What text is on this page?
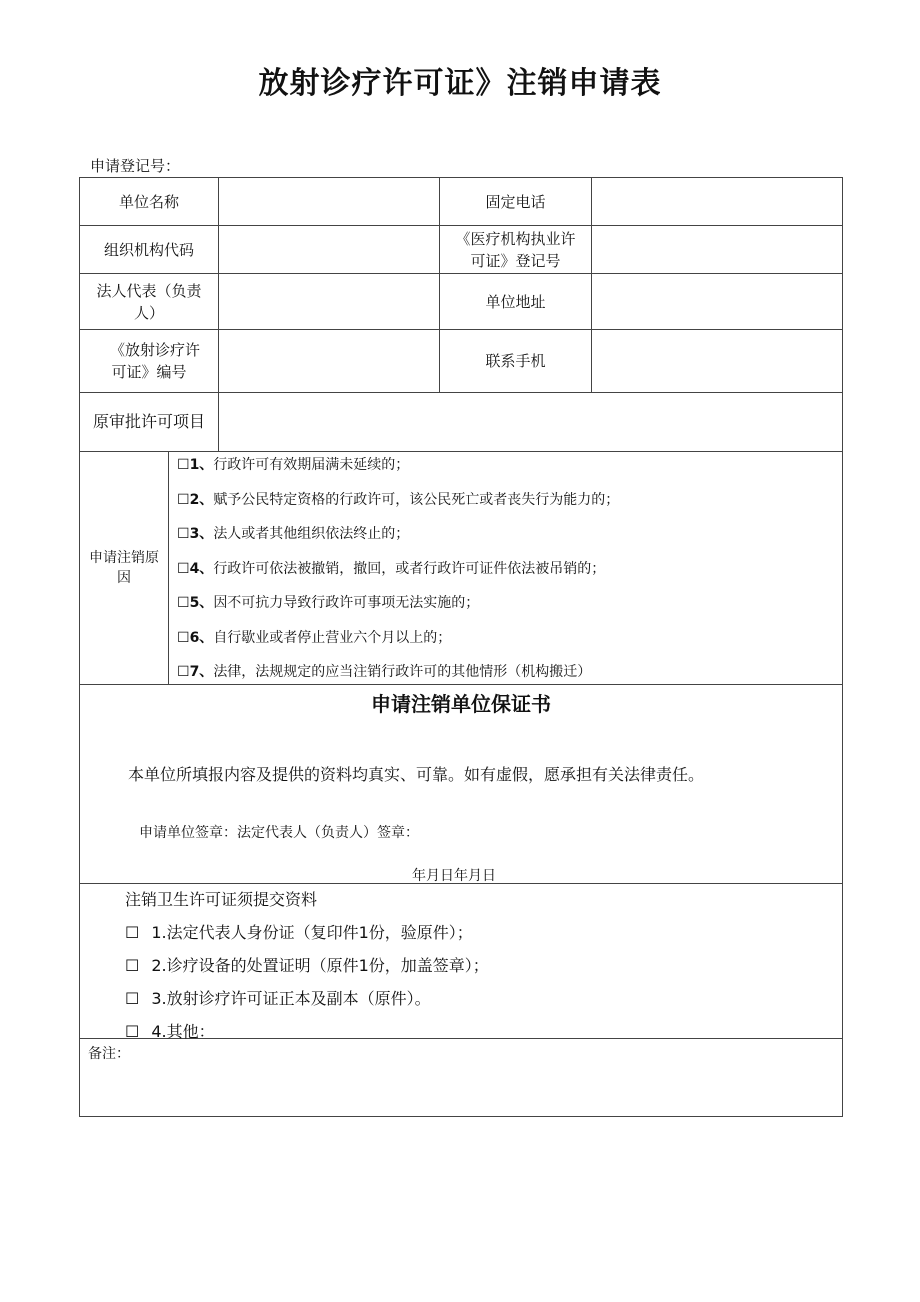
放射诊疗许可证》注销申请表
申请登记号：
单位名称	固定电话
组织机构代码
《医疗机构执业许
可证》登记号
法人代表（负责
人）
单位地址
《放射诊疗许
可证》编号
联系手机
原审批许可项目
申请注销原
因
☐1、行政许可有效期届满未延续的；
☐2、赋予公民特定资格的行政许可，该公民死亡或者丧失行为能力的；
☐3、法人或者其他组织依法终止的；
☐4、行政许可依法被撤销，撤回，或者行政许可证件依法被吊销的；
☐5、因不可抗力导致行政许可事项无法实施的；
☐6、自行歇业或者停止营业六个月以上的；
☐7、法律，法规规定的应当注销行政许可的其他情形（机构搬迁）
申请注销单位保证书
本单位所填报内容及提供的资料均真实、可靠。如有虚假，愿承担有关法律责任。
申请单位签章：法定代表人（负责人）签章：
年月日年月日
注销卫生许可证须提交资料
☐ 1.法定代表人身份证（复印件1份，验原件）；
☐ 2.诊疗设备的处置证明（原件1份，加盖签章）；
☐ 3.放射诊疗许可证正本及副本（原件）。
☐ 4.其他：
备注：
